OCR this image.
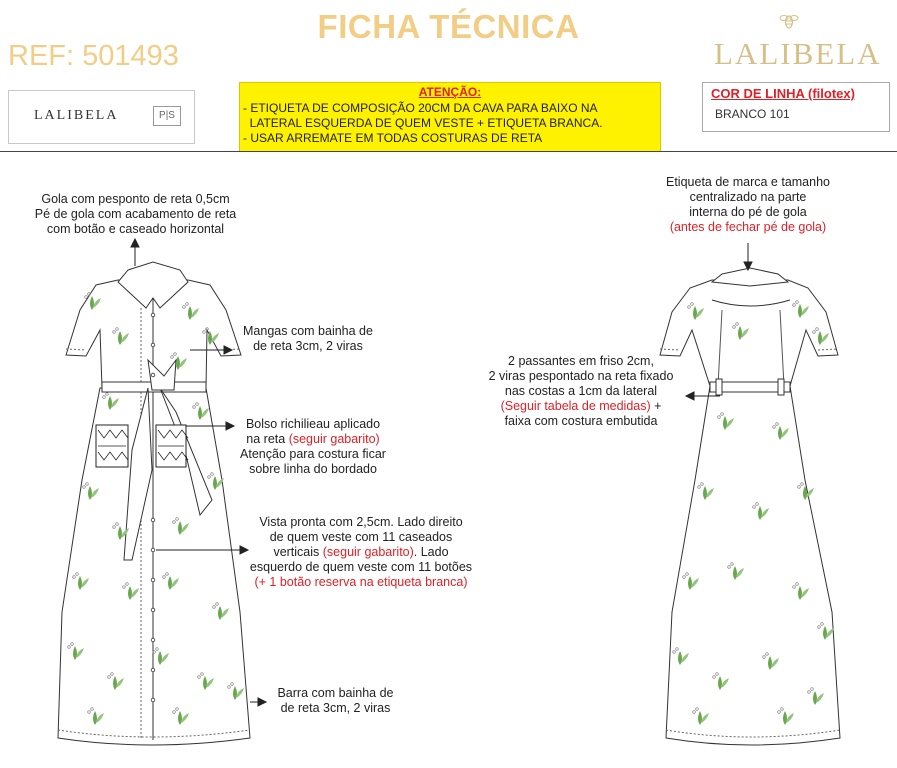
FICHA TÉCNICA
REF: 501493	LALIBELA
LALIBELA	P|S
ATENÇÃO:
- ETIQUETA DE COMPOSIÇÃO 20CM DA CAVA PARA BAIXO NA
LATERAL ESQUERDA DE QUEM VESTE + ETIQUETA BRANCA.
- USAR ARREMATE EM TODAS COSTURAS DE RETA
COR DE LINHA (filotex)
BRANCO 101
Gola com pesponto de reta 0,5cm
Pé de gola com acabamento de reta
com botão e caseado horizontal
Mangas com bainha de
de reta 3cm, 2 viras
Bolso richilieau aplicado
na reta (seguir gabarito)
Atenção para costura ficar
sobre linha do bordado
Vista pronta com 2,5cm. Lado direito
de quem veste com 11 caseados
verticais (seguir gabarito). Lado
esquerdo de quem veste com 11 botões
(+ 1 botão reserva na etiqueta branca)
Barra com bainha de
de reta 3cm, 2 viras
Etiqueta de marca e tamanho
centralizado na parte
interna do pé de gola
(antes de fechar pé de gola)
2 passantes em friso 2cm,
2 viras pespontado na reta fixado
nas costas a 1cm da lateral
(Seguir tabela de medidas) +
faixa com costura embutida
